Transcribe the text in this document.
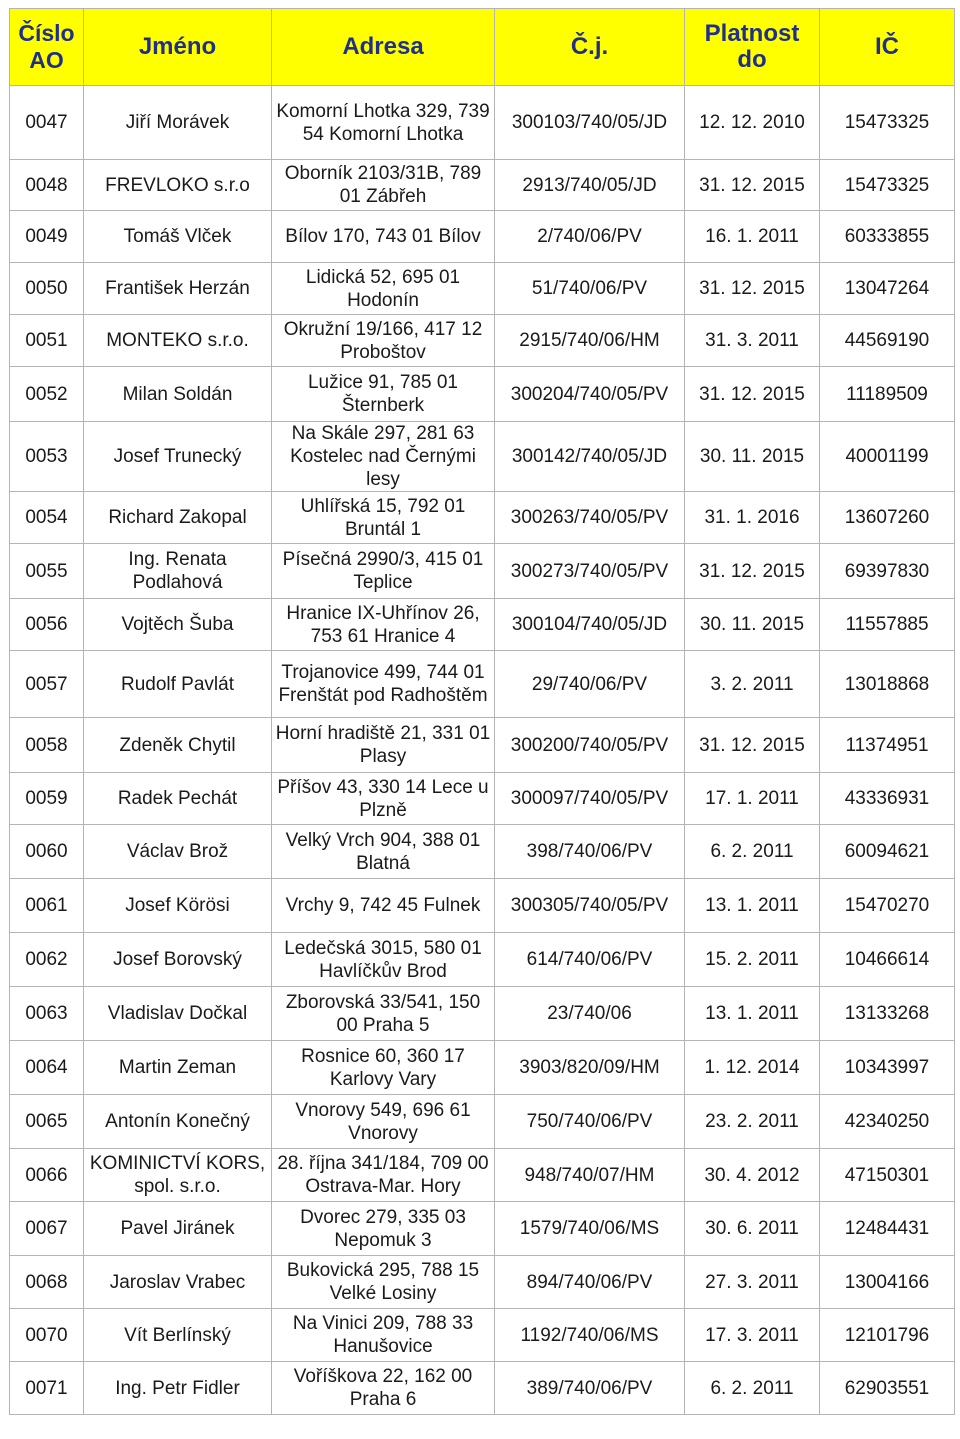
Číslo AO	Jméno	Adresa	Č.j.	Platnost do	IČ
0047	Jiří Morávek	Komorní Lhotka 329, 739 54 Komorní Lhotka	300103/740/05/JD	12. 12. 2010	15473325
0048	FREVLOKO s.r.o	Oborník 2103/31B, 789 01 Zábřeh	2913/740/05/JD	31. 12. 2015	15473325
0049	Tomáš Vlček	Bílov 170, 743 01 Bílov	2/740/06/PV	16. 1. 2011	60333855
0050	František Herzán	Lidická 52, 695 01 Hodonín	51/740/06/PV	31. 12. 2015	13047264
0051	MONTEKO s.r.o.	Okružní 19/166, 417 12 Proboštov	2915/740/06/HM	31. 3. 2011	44569190
0052	Milan Soldán	Lužice 91, 785 01 Šternberk	300204/740/05/PV	31. 12. 2015	11189509
0053	Josef Trunecký	Na Skále 297, 281 63 Kostelec nad Černými lesy	300142/740/05/JD	30. 11. 2015	40001199
0054	Richard Zakopal	Uhlířská 15, 792 01 Bruntál 1	300263/740/05/PV	31. 1. 2016	13607260
0055	Ing. Renata Podlahová	Písečná 2990/3, 415 01 Teplice	300273/740/05/PV	31. 12. 2015	69397830
0056	Vojtěch Šuba	Hranice IX-Uhřínov 26, 753 61 Hranice 4	300104/740/05/JD	30. 11. 2015	11557885
0057	Rudolf Pavlát	Trojanovice 499, 744 01 Frenštát pod Radhoštěm	29/740/06/PV	3. 2. 2011	13018868
0058	Zdeněk Chytil	Horní hradiště 21, 331 01 Plasy	300200/740/05/PV	31. 12. 2015	11374951
0059	Radek Pechát	Příšov 43, 330 14 Lece u Plzně	300097/740/05/PV	17. 1. 2011	43336931
0060	Václav Brož	Velký Vrch 904, 388 01 Blatná	398/740/06/PV	6. 2. 2011	60094621
0061	Josef Körösi	Vrchy 9, 742 45 Fulnek	300305/740/05/PV	13. 1. 2011	15470270
0062	Josef Borovský	Ledečská 3015, 580 01 Havlíčkův Brod	614/740/06/PV	15. 2. 2011	10466614
0063	Vladislav Dočkal	Zborovská 33/541, 150 00 Praha 5	23/740/06	13. 1. 2011	13133268
0064	Martin Zeman	Rosnice 60, 360 17 Karlovy Vary	3903/820/09/HM	1. 12. 2014	10343997
0065	Antonín Konečný	Vnorovy 549, 696 61 Vnorovy	750/740/06/PV	23. 2. 2011	42340250
0066	KOMINICTVÍ KORS, spol. s.r.o.	28. října 341/184, 709 00 Ostrava-Mar. Hory	948/740/07/HM	30. 4. 2012	47150301
0067	Pavel Jiránek	Dvorec 279, 335 03 Nepomuk 3	1579/740/06/MS	30. 6. 2011	12484431
0068	Jaroslav Vrabec	Bukovická 295, 788 15 Velké Losiny	894/740/06/PV	27. 3. 2011	13004166
0070	Vít Berlínský	Na Vinici 209, 788 33 Hanušovice	1192/740/06/MS	17. 3. 2011	12101796
0071	Ing. Petr Fidler	Voříškova 22, 162 00 Praha 6	389/740/06/PV	6. 2. 2011	62903551
